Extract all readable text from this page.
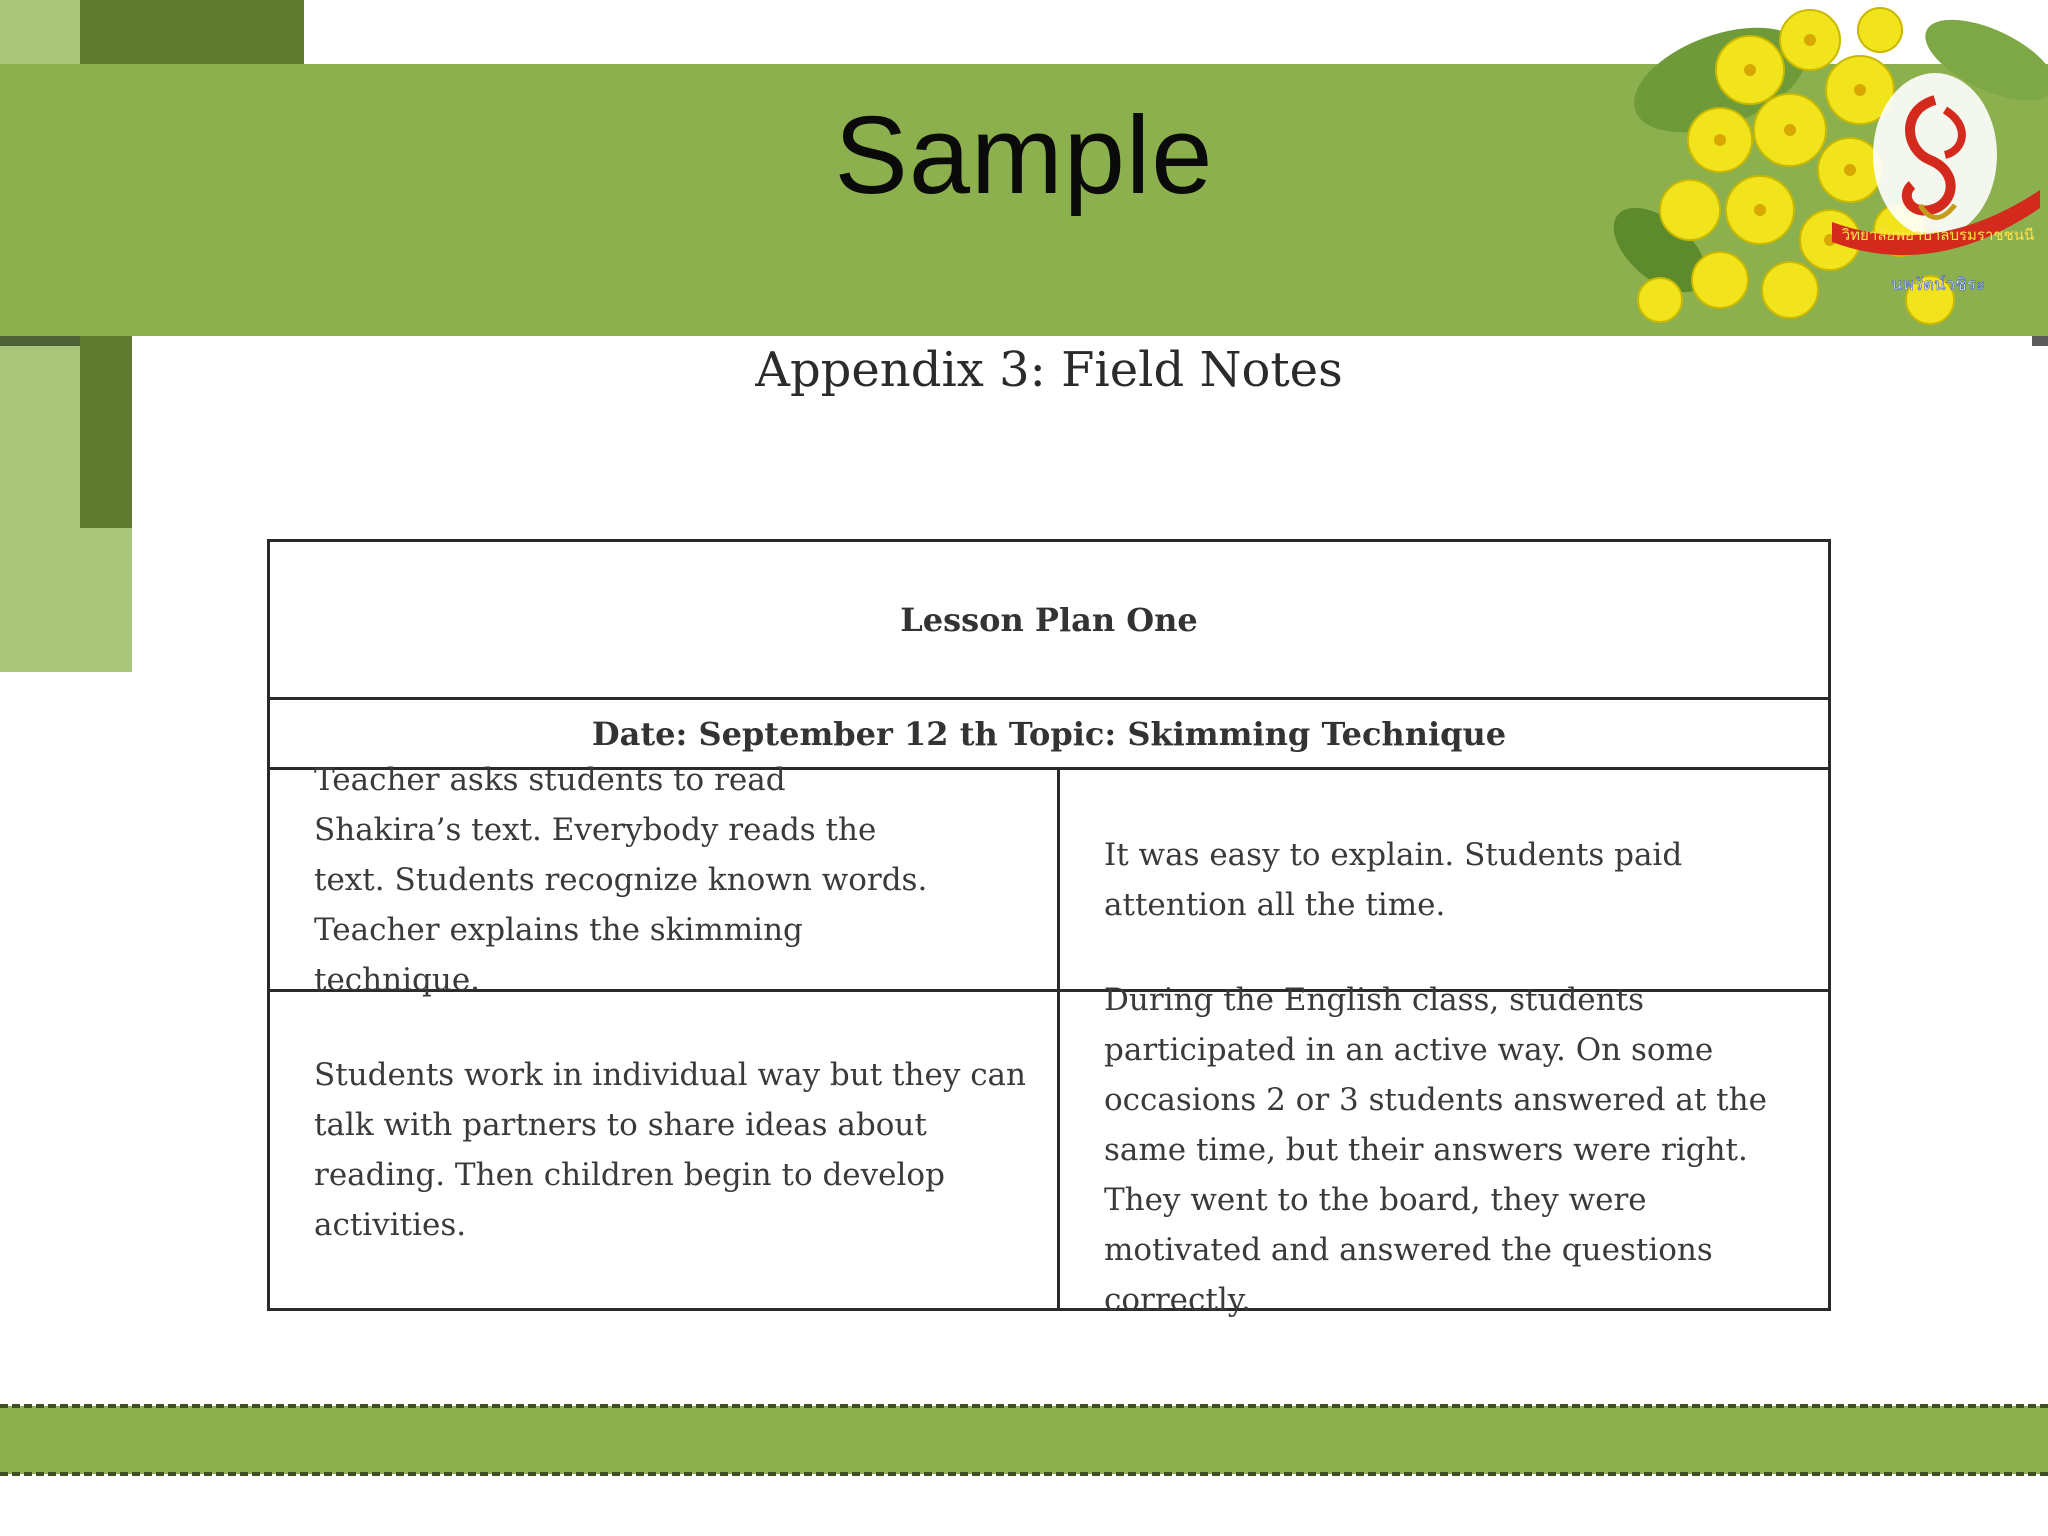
Sample
วิทยาลัยพยาบาลบรมราชชนนี
นพรัตน์วชิระ
Appendix 3: Field Notes
Lesson Plan One
Date: September 12 th Topic: Skimming Technique
Teacher asks students to read Shakira’s text. Everybody reads the text. Students recognize known words. Teacher explains the skimming technique.
It was easy to explain. Students paid attention all the time.
Students work in individual way but they can talk with partners to share ideas about reading. Then children begin to develop activities.
During the English class, students participated in an active way. On some occasions 2 or 3 students answered at the same time, but their answers were right. They went to the board, they were motivated and answered the questions correctly.
